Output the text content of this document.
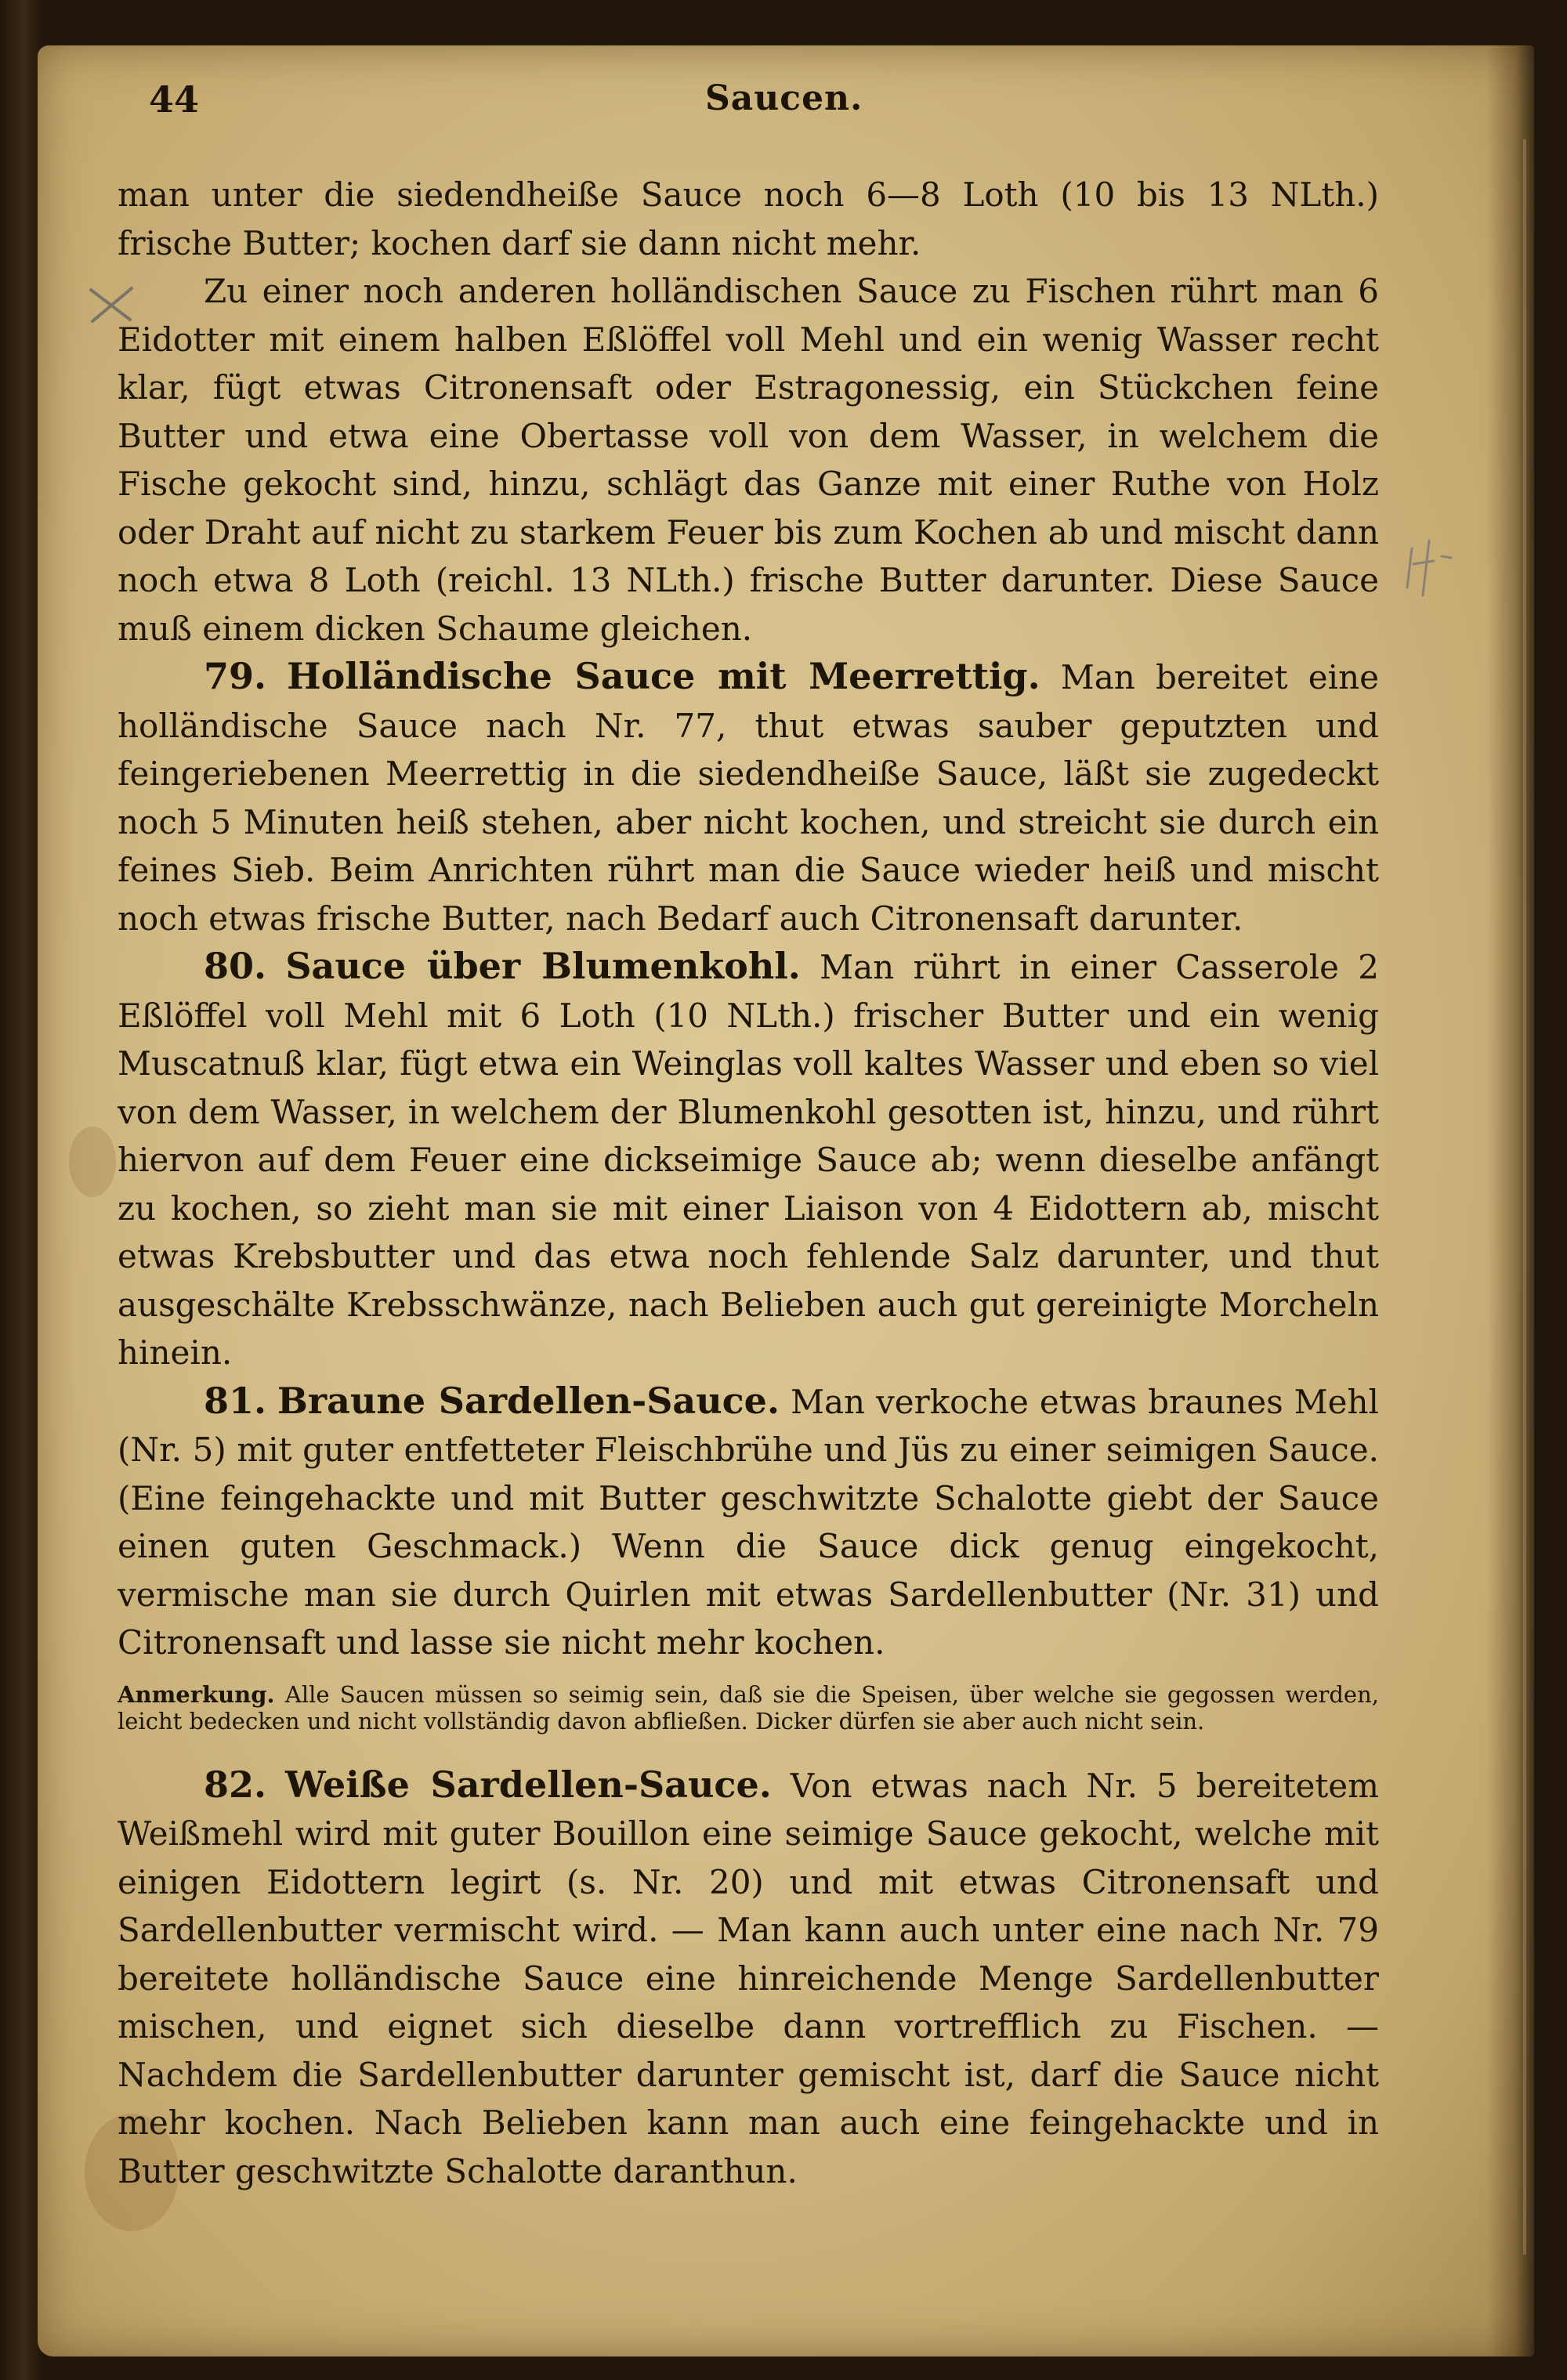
44	Saucen.

man unter die siedendheiße Sauce noch 6—8 Loth (10 bis 13 NLth.) frische Butter; kochen darf sie dann nicht mehr.

Zu einer noch anderen holländischen Sauce zu Fischen rührt man 6 Eidotter mit einem halben Eßlöffel voll Mehl und ein wenig Wasser recht klar, fügt etwas Citronensaft oder Estragonessig, ein Stückchen feine Butter und etwa eine Obertasse voll von dem Wasser, in welchem die Fische gekocht sind, hinzu, schlägt das Ganze mit einer Ruthe von Holz oder Draht auf nicht zu starkem Feuer bis zum Kochen ab und mischt dann noch etwa 8 Loth (reichl. 13 NLth.) frische Butter darunter. Diese Sauce muß einem dicken Schaume gleichen.

79. Holländische Sauce mit Meerrettig. Man bereitet eine holländische Sauce nach Nr. 77, thut etwas sauber geputzten und feingeriebenen Meerrettig in die siedendheiße Sauce, läßt sie zugedeckt noch 5 Minuten heiß stehen, aber nicht kochen, und streicht sie durch ein feines Sieb. Beim Anrichten rührt man die Sauce wieder heiß und mischt noch etwas frische Butter, nach Bedarf auch Citronensaft darunter.

80. Sauce über Blumenkohl. Man rührt in einer Casserole 2 Eßlöffel voll Mehl mit 6 Loth (10 NLth.) frischer Butter und ein wenig Muscatnuß klar, fügt etwa ein Weinglas voll kaltes Wasser und eben so viel von dem Wasser, in welchem der Blumenkohl gesotten ist, hinzu, und rührt hiervon auf dem Feuer eine dickseimige Sauce ab; wenn dieselbe anfängt zu kochen, so zieht man sie mit einer Liaison von 4 Eidottern ab, mischt etwas Krebsbutter und das etwa noch fehlende Salz darunter, und thut ausgeschälte Krebsschwänze, nach Belieben auch gut gereinigte Morcheln hinein.

81. Braune Sardellen-Sauce. Man verkoche etwas braunes Mehl (Nr. 5) mit guter entfetteter Fleischbrühe und Jüs zu einer seimigen Sauce. (Eine feingehackte und mit Butter geschwitzte Schalotte giebt der Sauce einen guten Geschmack.) Wenn die Sauce dick genug eingekocht, vermische man sie durch Quirlen mit etwas Sardellenbutter (Nr. 31) und Citronensaft und lasse sie nicht mehr kochen.

Anmerkung. Alle Saucen müssen so seimig sein, daß sie die Speisen, über welche sie gegossen werden, leicht bedecken und nicht vollständig davon abfließen. Dicker dürfen sie aber auch nicht sein.

82. Weiße Sardellen-Sauce. Von etwas nach Nr. 5 bereitetem Weißmehl wird mit guter Bouillon eine seimige Sauce gekocht, welche mit einigen Eidottern legirt (s. Nr. 20) und mit etwas Citronensaft und Sardellenbutter vermischt wird. — Man kann auch unter eine nach Nr. 79 bereitete holländische Sauce eine hinreichende Menge Sardellenbutter mischen, und eignet sich dieselbe dann vortrefflich zu Fischen. — Nachdem die Sardellenbutter darunter gemischt ist, darf die Sauce nicht mehr kochen. Nach Belieben kann man auch eine feingehackte und in Butter geschwitzte Schalotte daranthun.
